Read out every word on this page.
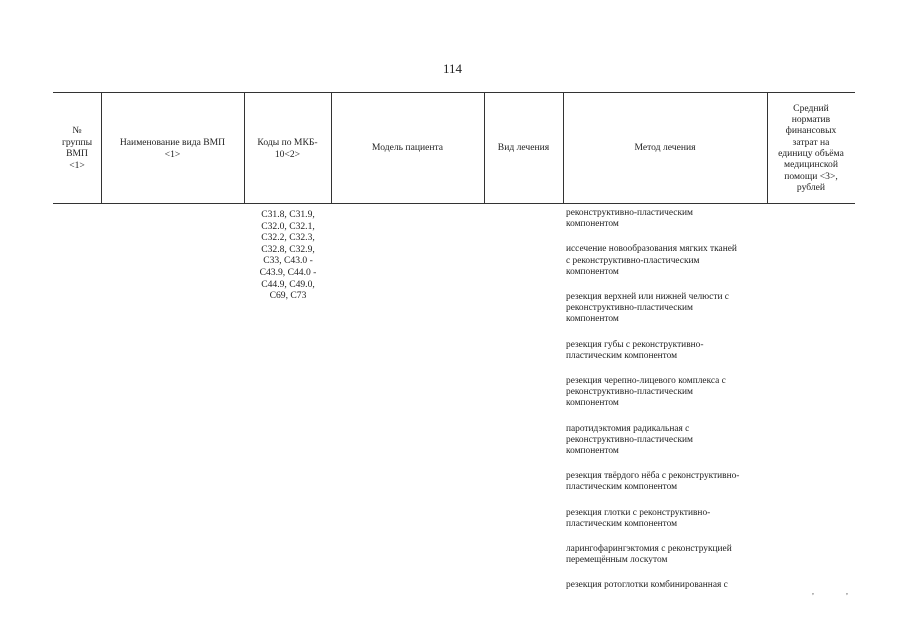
114
№
группы
ВМП
<1>
Наименование вида ВМП
<1>
Коды по МКБ-
10<2>
Модель пациента	Вид лечения	Метод лечения
Средний
норматив
финансовых
затрат на
единицу объёма
медицинской
помощи <3>,
рублей
C31.8, C31.9,
C32.0, C32.1,
C32.2, C32.3,
C32.8, C32.9,
C33, C43.0 -
C43.9, C44.0 -
C44.9, C49.0,
C69, C73
реконструктивно-пластическим
компонентом
иссечение новообразования мягких тканей
с реконструктивно-пластическим
компонентом
резекция верхней или нижней челюсти с
реконструктивно-пластическим
компонентом
резекция губы с реконструктивно-
пластическим компонентом
резекция черепно-лицевого комплекса с
реконструктивно-пластическим
компонентом
паротидэктомия радикальная с
реконструктивно-пластическим
компонентом
резекция твёрдого нёба с реконструктивно-
пластическим компонентом
резекция глотки с реконструктивно-
пластическим компонентом
ларингофарингэктомия с реконструкцией
перемещённым лоскутом
резекция ротоглотки комбинированная с
,	,
